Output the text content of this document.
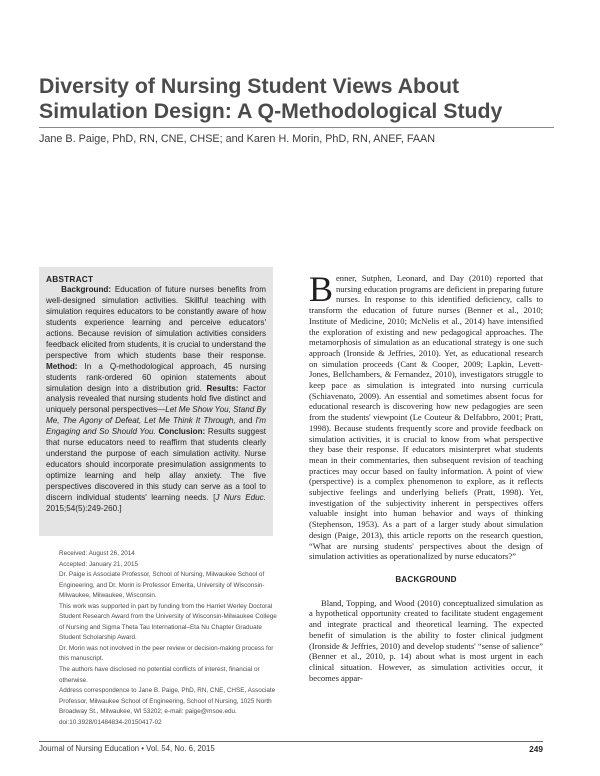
Diversity of Nursing Student Views About
Simulation Design: A Q-Methodological Study
Jane B. Paige, PhD, RN, CNE, CHSE; and Karen H. Morin, PhD, RN, ANEF, FAAN

ABSTRACT

Background: Education of future nurses benefits from well-designed simulation activities. Skillful teaching with simulation requires educators to be constantly aware of how students experience learning and perceive educators' actions. Because revision of simulation activities considers feedback elicited from students, it is crucial to understand the perspective from which students base their response. Method: In a Q-methodological approach, 45 nursing students rank-ordered 60 opinion statements about simulation design into a distribution grid. Results: Factor analysis revealed that nursing students hold five distinct and uniquely personal perspectives—Let Me Show You, Stand By Me, The Agony of Defeat, Let Me Think It Through, and I'm Engaging and So Should You. Conclusion: Results suggest that nurse educators need to reaffirm that students clearly understand the purpose of each simulation activity. Nurse educators should incorporate presimulation assignments to optimize learning and help allay anxiety. The five perspectives discovered in this study can serve as a tool to discern individual students' learning needs. [J Nurs Educ. 2015;54(5):249-260.]

Received: August 26, 2014

Accepted: January 21, 2015

Dr. Paige is Associate Professor, School of Nursing, Milwaukee School of Engineering, and Dr. Morin is Professor Emerita, University of Wisconsin-Milwaukee, Milwaukee, Wisconsin.

This work was supported in part by funding from the Harriet Werley Doctoral Student Research Award from the University of Wisconsin-Milwaukee College of Nursing and Sigma Theta Tau International–Eta Nu Chapter Graduate Student Scholarship Award.

Dr. Morin was not involved in the peer review or decision-making process for this manuscript.

The authors have disclosed no potential conflicts of interest, financial or otherwise.

Address correspondence to Jane B. Paige, PhD, RN, CNE, CHSE, Associate Professor, Milwaukee School of Engineering, School of Nursing, 1025 North Broadway St., Milwaukee, WI 53202; e-mail: paige@msoe.edu.

doi:10.3928/01484834-20150417-02

Benner, Sutphen, Leonard, and Day (2010) reported that nursing education programs are deficient in preparing future nurses. In response to this identified deficiency, calls to transform the education of future nurses (Benner et al., 2010; Institute of Medicine, 2010; McNelis et al., 2014) have intensified the exploration of existing and new pedagogical approaches. The metamorphosis of simulation as an educational strategy is one such approach (Ironside & Jeffries, 2010). Yet, as educational research on simulation proceeds (Cant & Cooper, 2009; Lapkin, Levett-Jones, Bellchambers, & Fernandez, 2010), investigators struggle to keep pace as simulation is integrated into nursing curricula (Schiavenato, 2009). An essential and sometimes absent focus for educational research is discovering how new pedagogies are seen from the students' viewpoint (Le Couteur & Delfabbro, 2001; Pratt, 1998). Because students frequently score and provide feedback on simulation activities, it is crucial to know from what perspective they base their response. If educators misinterpret what students mean in their commentaries, then subsequent revision of teaching practices may occur based on faulty information. A point of view (perspective) is a complex phenomenon to explore, as it reflects subjective feelings and underlying beliefs (Pratt, 1998). Yet, investigation of the subjectivity inherent in perspectives offers valuable insight into human behavior and ways of thinking (Stephenson, 1953). As a part of a larger study about simulation design (Paige, 2013), this article reports on the research question, “What are nursing students' perspectives about the design of simulation activities as operationalized by nurse educators?”

BACKGROUND

Bland, Topping, and Wood (2010) conceptualized simulation as a hypothetical opportunity created to facilitate student engagement and integrate practical and theoretical learning. The expected benefit of simulation is the ability to foster clinical judgment (Ironside & Jeffries, 2010) and develop students' “sense of salience” (Benner et al., 2010, p. 14) about what is most urgent in each clinical situation. However, as simulation activities occur, it becomes appar-

Journal of Nursing Education • Vol. 54, No. 6, 2015	249
